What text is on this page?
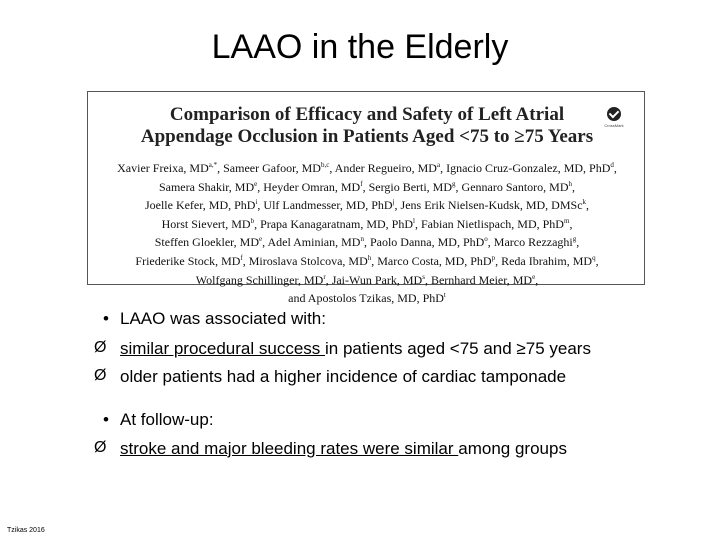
LAAO in the Elderly
Comparison of Efficacy and Safety of Left Atrial
Appendage Occlusion in Patients Aged <75 to ≥75 Years
CrossMark
Xavier Freixa, $MD^{a,*}$, Sameer Gafoor, MD$^{b,c}$, Ander Regueiro, $MD^a$, Ignacio Cruz-Gonzalez, MD, PhD$^d$,
Samera Shakir, MDe, Heyder Omran, $MD^f$, Sergio Berti, $MD^g$, Gennaro Santoro, $MD^h$,
Joelle Kefer, MD, PhD$^i$, Ulf Landmesser, MD, PhD$^j$, Jens Erik Nielsen-Kudsk, MD, DMSc$^k$,
Horst Sievert, $MD^b$, Prapa Kanagaratnam, MD, PhD$^l$, Fabian Nietlispach, MD, PhD$^m$,
Steffen Gloekler, MDe, Adel Aminian, $MD^n$, Paolo Danna, MD, PhD$^o$, Marco Rezzaghi$^g$,
Friederike Stock, $MD^f$, Miroslava Stolcova, $MD^h$, Marco Costa, MD, PhD$^p$, Reda Ibrahim, $MD^q$,
Wolfgang Schillinger, $MD^r$, Jai-Wun Park, $MD^s$, Bernhard Meier, MDe,
and Apostolos Tzikas, MD, PhD$^t$
• LAAO was associated with:
Ø similar procedural success in patients aged <75 and ≥75 years
Ø older patients had a higher incidence of cardiac tamponade
• At follow-up:
Ø stroke and major bleeding rates were similar among groups
Tzikas 2016
